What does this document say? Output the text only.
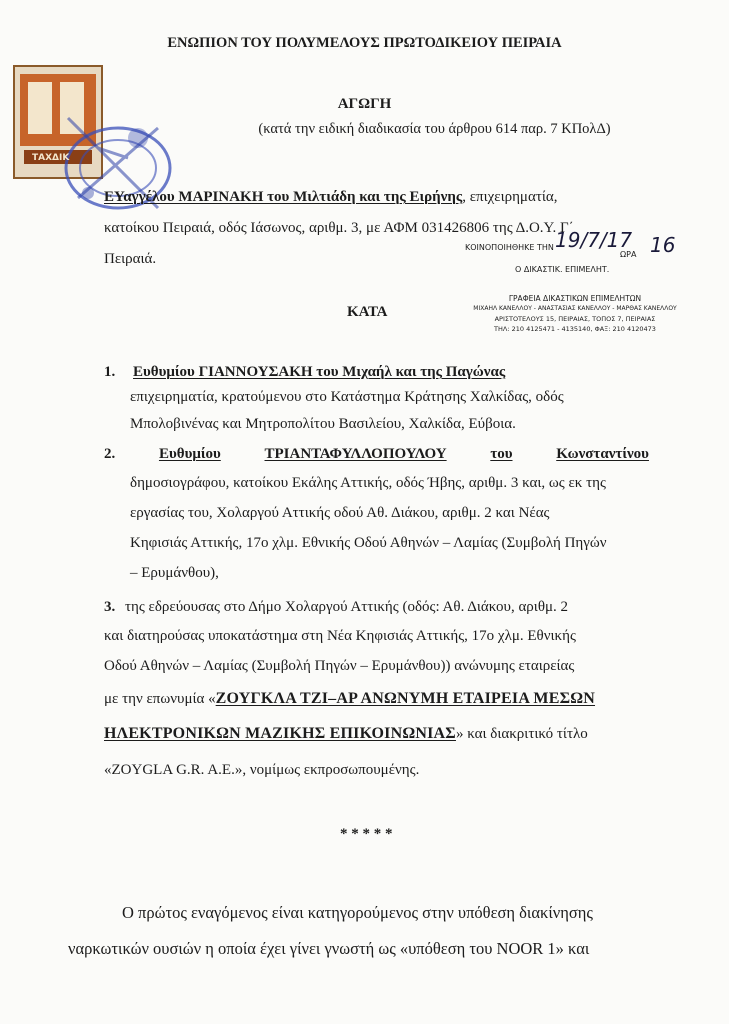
ΤΑΧΔΙΚ
ΕΝΩΠΙΟΝ ΤΟΥ ΠΟΛΥΜΕΛΟΥΣ ΠΡΩΤΟΔΙΚΕΙΟΥ ΠΕΙΡΑΙΑ
ΑΓΩΓΗ
(κατά την ειδική διαδικασία του άρθρου 614 παρ. 7 ΚΠολΔ)
ΕΥαγγέλου ΜΑΡΙΝΑΚΗ του Μιλτιάδη και της Ειρήνης, επιχειρηματία,
κατοίκου Πειραιά, οδός Ιάσωνος, αριθμ. 3, με ΑΦΜ 031426806 της Δ.Ο.Υ. Γ΄
Πειραιά.
ΚΟΙΝΟΠΟΙΗΘΗΚΕ ΤΗΝ 19/7/17
ΩΡΑ 16
Ο ΔΙΚΑΣΤΙΚ. ΕΠΙΜΕΛΗΤ.
ΓΡΑΦΕΙΑ ΔΙΚΑΣΤΙΚΩΝ ΕΠΙΜΕΛΗΤΩΝ
ΜΙΧΑΗΛ ΚΑΝΕΛΛΟΥ - ΑΝΑΣΤΑΣΙΑΣ ΚΑΝΕΛΛΟΥ - ΜΑΡΘΑΣ ΚΑΝΕΛΛΟΥ
ΑΡΙΣΤΟΤΕΛΟΥΣ 15, ΠΕΙΡΑΙΑΣ, ΤΟΠΟΣ 7, ΠΕΙΡΑΙΑΣ
ΤΗΛ: 210 4125471 - 4135140, ΦΑΞ: 210 4120473
ΚΑΤΑ
1. Ευθυμίου ΓΙΑΝΝΟΥΣΑΚΗ του Μιχαήλ και της Παγώνας
επιχειρηματία, κρατούμενου στο Κατάστημα Κράτησης Χαλκίδας, οδός
Μπολοβινένας και Μητροπολίτου Βασιλείου, Χαλκίδα, Εύβοια.
2.	Ευθυμίου	ΤΡΙΑΝΤΑΦΥΛΛΟΠΟΥΛΟΥ	του	Κωνσταντίνου
δημοσιογράφου, κατοίκου Εκάλης Αττικής, οδός Ήβης, αριθμ. 3 και, ως εκ της
εργασίας του, Χολαργού Αττικής οδού Αθ. Διάκου, αριθμ. 2 και Νέας
Κηφισιάς Αττικής, 17ο χλμ. Εθνικής Οδού Αθηνών – Λαμίας (Συμβολή Πηγών
– Ερυμάνθου),
3. της εδρεύουσας στο Δήμο Χολαργού Αττικής (οδός: Αθ. Διάκου, αριθμ. 2
και διατηρούσας υποκατάστημα στη Νέα Κηφισιάς Αττικής, 17ο χλμ. Εθνικής
Οδού Αθηνών – Λαμίας (Συμβολή Πηγών – Ερυμάνθου)) ανώνυμης εταιρείας
με την επωνυμία «ΖΟΥΓΚΛΑ ΤΖΙ–ΑΡ ΑΝΩΝΥΜΗ ΕΤΑΙΡΕΙΑ ΜΕΣΩΝ
ΗΛΕΚΤΡΟΝΙΚΩΝ ΜΑΖΙΚΗΣ ΕΠΙΚΟΙΝΩΝΙΑΣ» και διακριτικό τίτλο
«ZOYGLA G.R. A.E.», νομίμως εκπροσωπουμένης.
* * * * *
Ο πρώτος εναγόμενος είναι κατηγορούμενος στην υπόθεση διακίνησης
ναρκωτικών ουσιών η οποία έχει γίνει γνωστή ως «υπόθεση του NOOR 1» και
